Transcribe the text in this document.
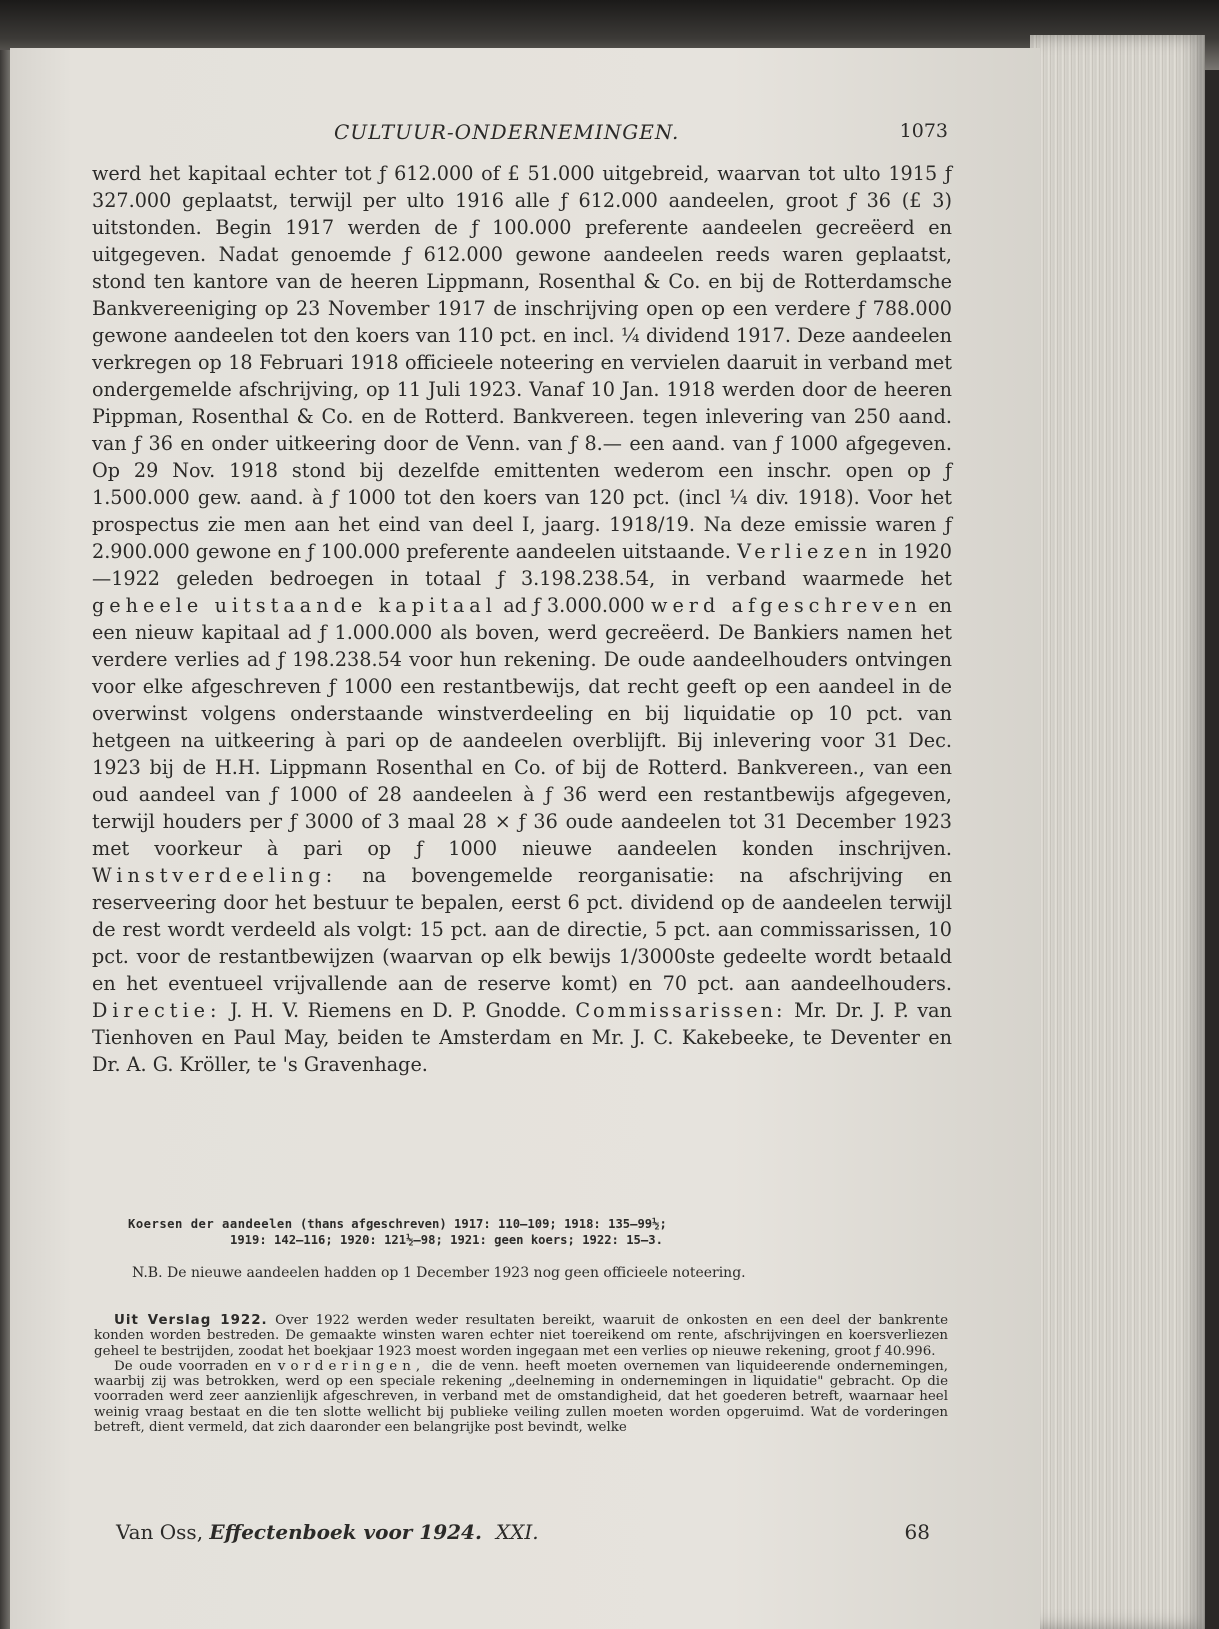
CULTUUR-ONDERNEMINGEN.	1073

werd het kapitaal echter tot ƒ 612.000 of £ 51.000 uitgebreid, waarvan tot ulto 1915 ƒ 327.000 geplaatst, terwijl per ulto 1916 alle ƒ 612.000 aandeelen, groot ƒ 36 (£ 3) uitstonden. Begin 1917 werden de ƒ 100.000 preferente aandeelen gecreëerd en uitgegeven. Nadat genoemde ƒ 612.000 gewone aandeelen reeds waren geplaatst, stond ten kantore van de heeren Lippmann, Rosenthal & Co. en bij de Rotterdamsche Bankvereeniging op 23 November 1917 de inschrijving open op een verdere ƒ 788.000 gewone aandeelen tot den koers van 110 pct. en incl. ¼ dividend 1917. Deze aandeelen verkregen op 18 Februari 1918 officieele noteering en vervielen daaruit in verband met ondergemelde afschrijving, op 11 Juli 1923. Vanaf 10 Jan. 1918 werden door de heeren Pippman, Rosenthal & Co. en de Rotterd. Bankvereen. tegen inlevering van 250 aand. van ƒ 36 en onder uitkeering door de Venn. van ƒ 8.— een aand. van ƒ 1000 afgegeven. Op 29 Nov. 1918 stond bij dezelfde emittenten wederom een inschr. open op ƒ 1.500.000 gew. aand. à ƒ 1000 tot den koers van 120 pct. (incl ¼ div. 1918). Voor het prospectus zie men aan het eind van deel I, jaarg. 1918/19. Na deze emissie waren ƒ 2.900.000 gewone en ƒ 100.000 preferente aandeelen uitstaande. Verliezen in 1920—1922 geleden bedroegen in totaal ƒ 3.198.238.54, in verband waarmede het geheele uitstaande kapitaal ad ƒ 3.000.000 werd afgeschreven en een nieuw kapitaal ad ƒ 1.000.000 als boven, werd gecreëerd. De Bankiers namen het verdere verlies ad ƒ 198.238.54 voor hun rekening. De oude aandeelhouders ontvingen voor elke afgeschreven ƒ 1000 een restantbewijs, dat recht geeft op een aandeel in de overwinst volgens onderstaande winstverdeeling en bij liquidatie op 10 pct. van hetgeen na uitkeering à pari op de aandeelen overblijft. Bij inlevering voor 31 Dec. 1923 bij de H.H. Lippmann Rosenthal en Co. of bij de Rotterd. Bankvereen., van een oud aandeel van ƒ 1000 of 28 aandeelen à ƒ 36 werd een restantbewijs afgegeven, terwijl houders per ƒ 3000 of 3 maal 28 × ƒ 36 oude aandeelen tot 31 December 1923 met voorkeur à pari op ƒ 1000 nieuwe aandeelen konden inschrijven. Winstverdeeling: na bovengemelde reorganisatie: na afschrijving en reserveering door het bestuur te bepalen, eerst 6 pct. dividend op de aandeelen terwijl de rest wordt verdeeld als volgt: 15 pct. aan de directie, 5 pct. aan commissarissen, 10 pct. voor de restantbewijzen (waarvan op elk bewijs 1/3000ste gedeelte wordt betaald en het eventueel vrijvallende aan de reserve komt) en 70 pct. aan aandeelhouders. Directie: J. H. V. Riemens en D. P. Gnodde. Commissarissen: Mr. Dr. J. P. van Tienhoven en Paul May, beiden te Amsterdam en Mr. J. C. Kakebeeke, te Deventer en Dr. A. G. Kröller, te 's Gravenhage.

Koersen der aandeelen (thans afgeschreven) 1917: 110—109; 1918: 135—99½;
1919: 142—116; 1920: 121½—98; 1921: geen koers; 1922: 15—3.

N.B. De nieuwe aandeelen hadden op 1 December 1923 nog geen officieele noteering.

Uit Verslag 1922. Over 1922 werden weder resultaten bereikt, waaruit de onkosten en een deel der bankrente konden worden bestreden. De gemaakte winsten waren echter niet toereikend om rente, afschrijvingen en koersverliezen geheel te bestrijden, zoodat het boekjaar 1923 moest worden ingegaan met een verlies op nieuwe rekening, groot ƒ 40.996.

De oude voorraden en vorderingen, die de venn. heeft moeten overnemen van liquideerende ondernemingen, waarbij zij was betrokken, werd op een speciale rekening „deelneming in ondernemingen in liquidatie" gebracht. Op die voorraden werd zeer aanzienlijk afgeschreven, in verband met de omstandigheid, dat het goederen betreft, waarnaar heel weinig vraag bestaat en die ten slotte wellicht bij publieke veiling zullen moeten worden opgeruimd. Wat de vorderingen betreft, dient vermeld, dat zich daaronder een belangrijke post bevindt, welke

Van Oss, Effectenboek voor 1924. XXI.	68
